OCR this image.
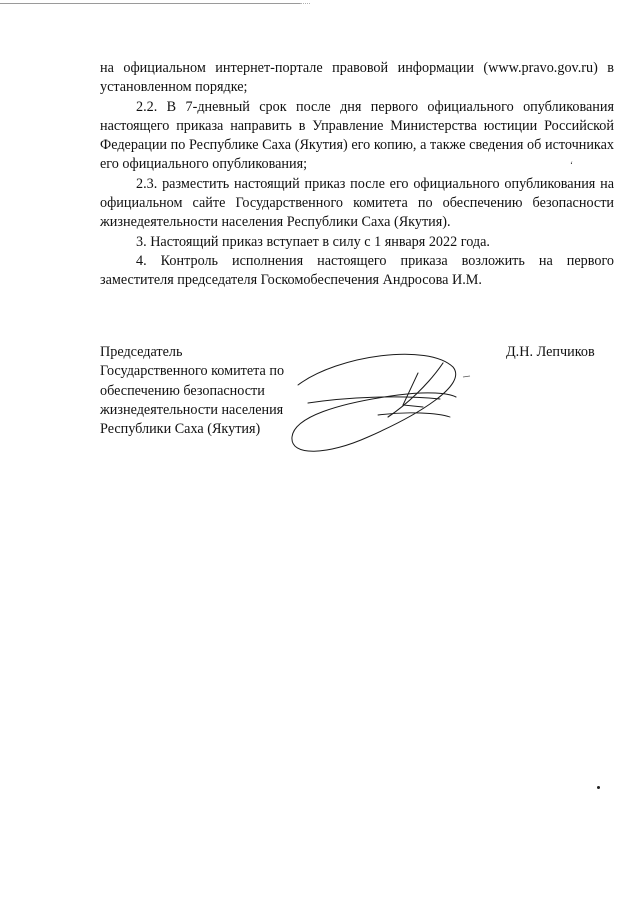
на официальном интернет-портале правовой информации (www.pravo.gov.ru) в установленном порядке;

2.2. В 7-дневный срок после дня первого официального опубликования настоящего приказа направить в Управление Министерства юстиции Российской Федерации по Республике Саха (Якутия) его копию, а также сведения об источниках его официального опубликования;

2.3. разместить настоящий приказ после его официального опубликования на официальном сайте Государственного комитета по обеспечению безопасности жизнедеятельности населения Республики Саха (Якутия).

3. Настоящий приказ вступает в силу с 1 января 2022 года.

4. Контроль исполнения настоящего приказа возложить на первого заместителя председателя Госкомобеспечения Андросова И.М.

Председатель
Государственного комитета по
обеспечению безопасности
жизнедеятельности населения
Республики Саха (Якутия)
Д.Н. Лепчиков
ʻ
